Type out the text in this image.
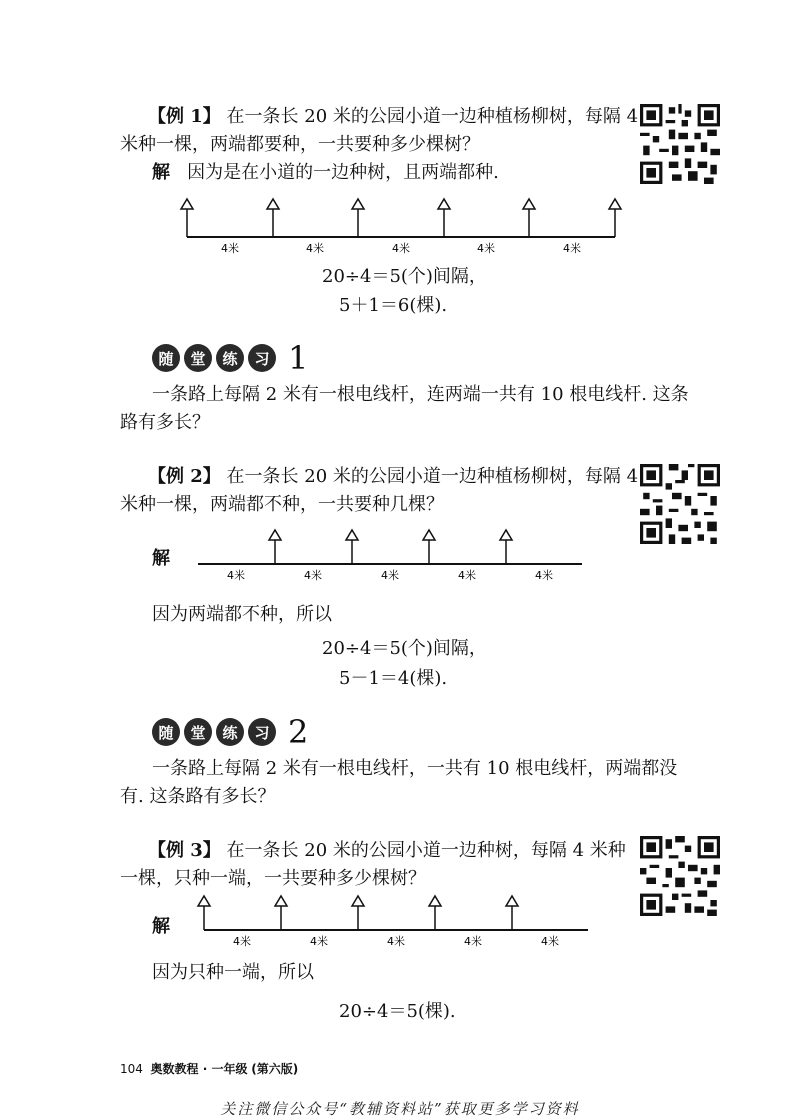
【例 1】 在一条长 20 米的公园小道一边种植杨柳树，每隔 4
米种一棵，两端都要种，一共要种多少棵树？
解 因为是在小道的一边种树，且两端都种.
4米	4米	4米	4米	4米
20÷4＝5(个)间隔，
5＋1＝6(棵).
随	堂	练	习 1
一条路上每隔 2 米有一根电线杆，连两端一共有 10 根电线杆. 这条
路有多长？
【例 2】 在一条长 20 米的公园小道一边种植杨柳树，每隔 4
米种一棵，两端都不种，一共要种几棵？
解
4米	4米	4米	4米	4米
因为两端都不种，所以
20÷4＝5(个)间隔，
5－1＝4(棵).
随	堂	练	习 2
一条路上每隔 2 米有一根电线杆，一共有 10 根电线杆，两端都没
有. 这条路有多长？
【例 3】 在一条长 20 米的公园小道一边种树，每隔 4 米种
一棵，只种一端，一共要种多少棵树？
解
4米	4米	4米	4米	4米
因为只种一端，所以
20÷4＝5(棵).
104 奥数教程 · 一年级 (第六版)
关注微信公众号“教辅资料站”获取更多学习资料
